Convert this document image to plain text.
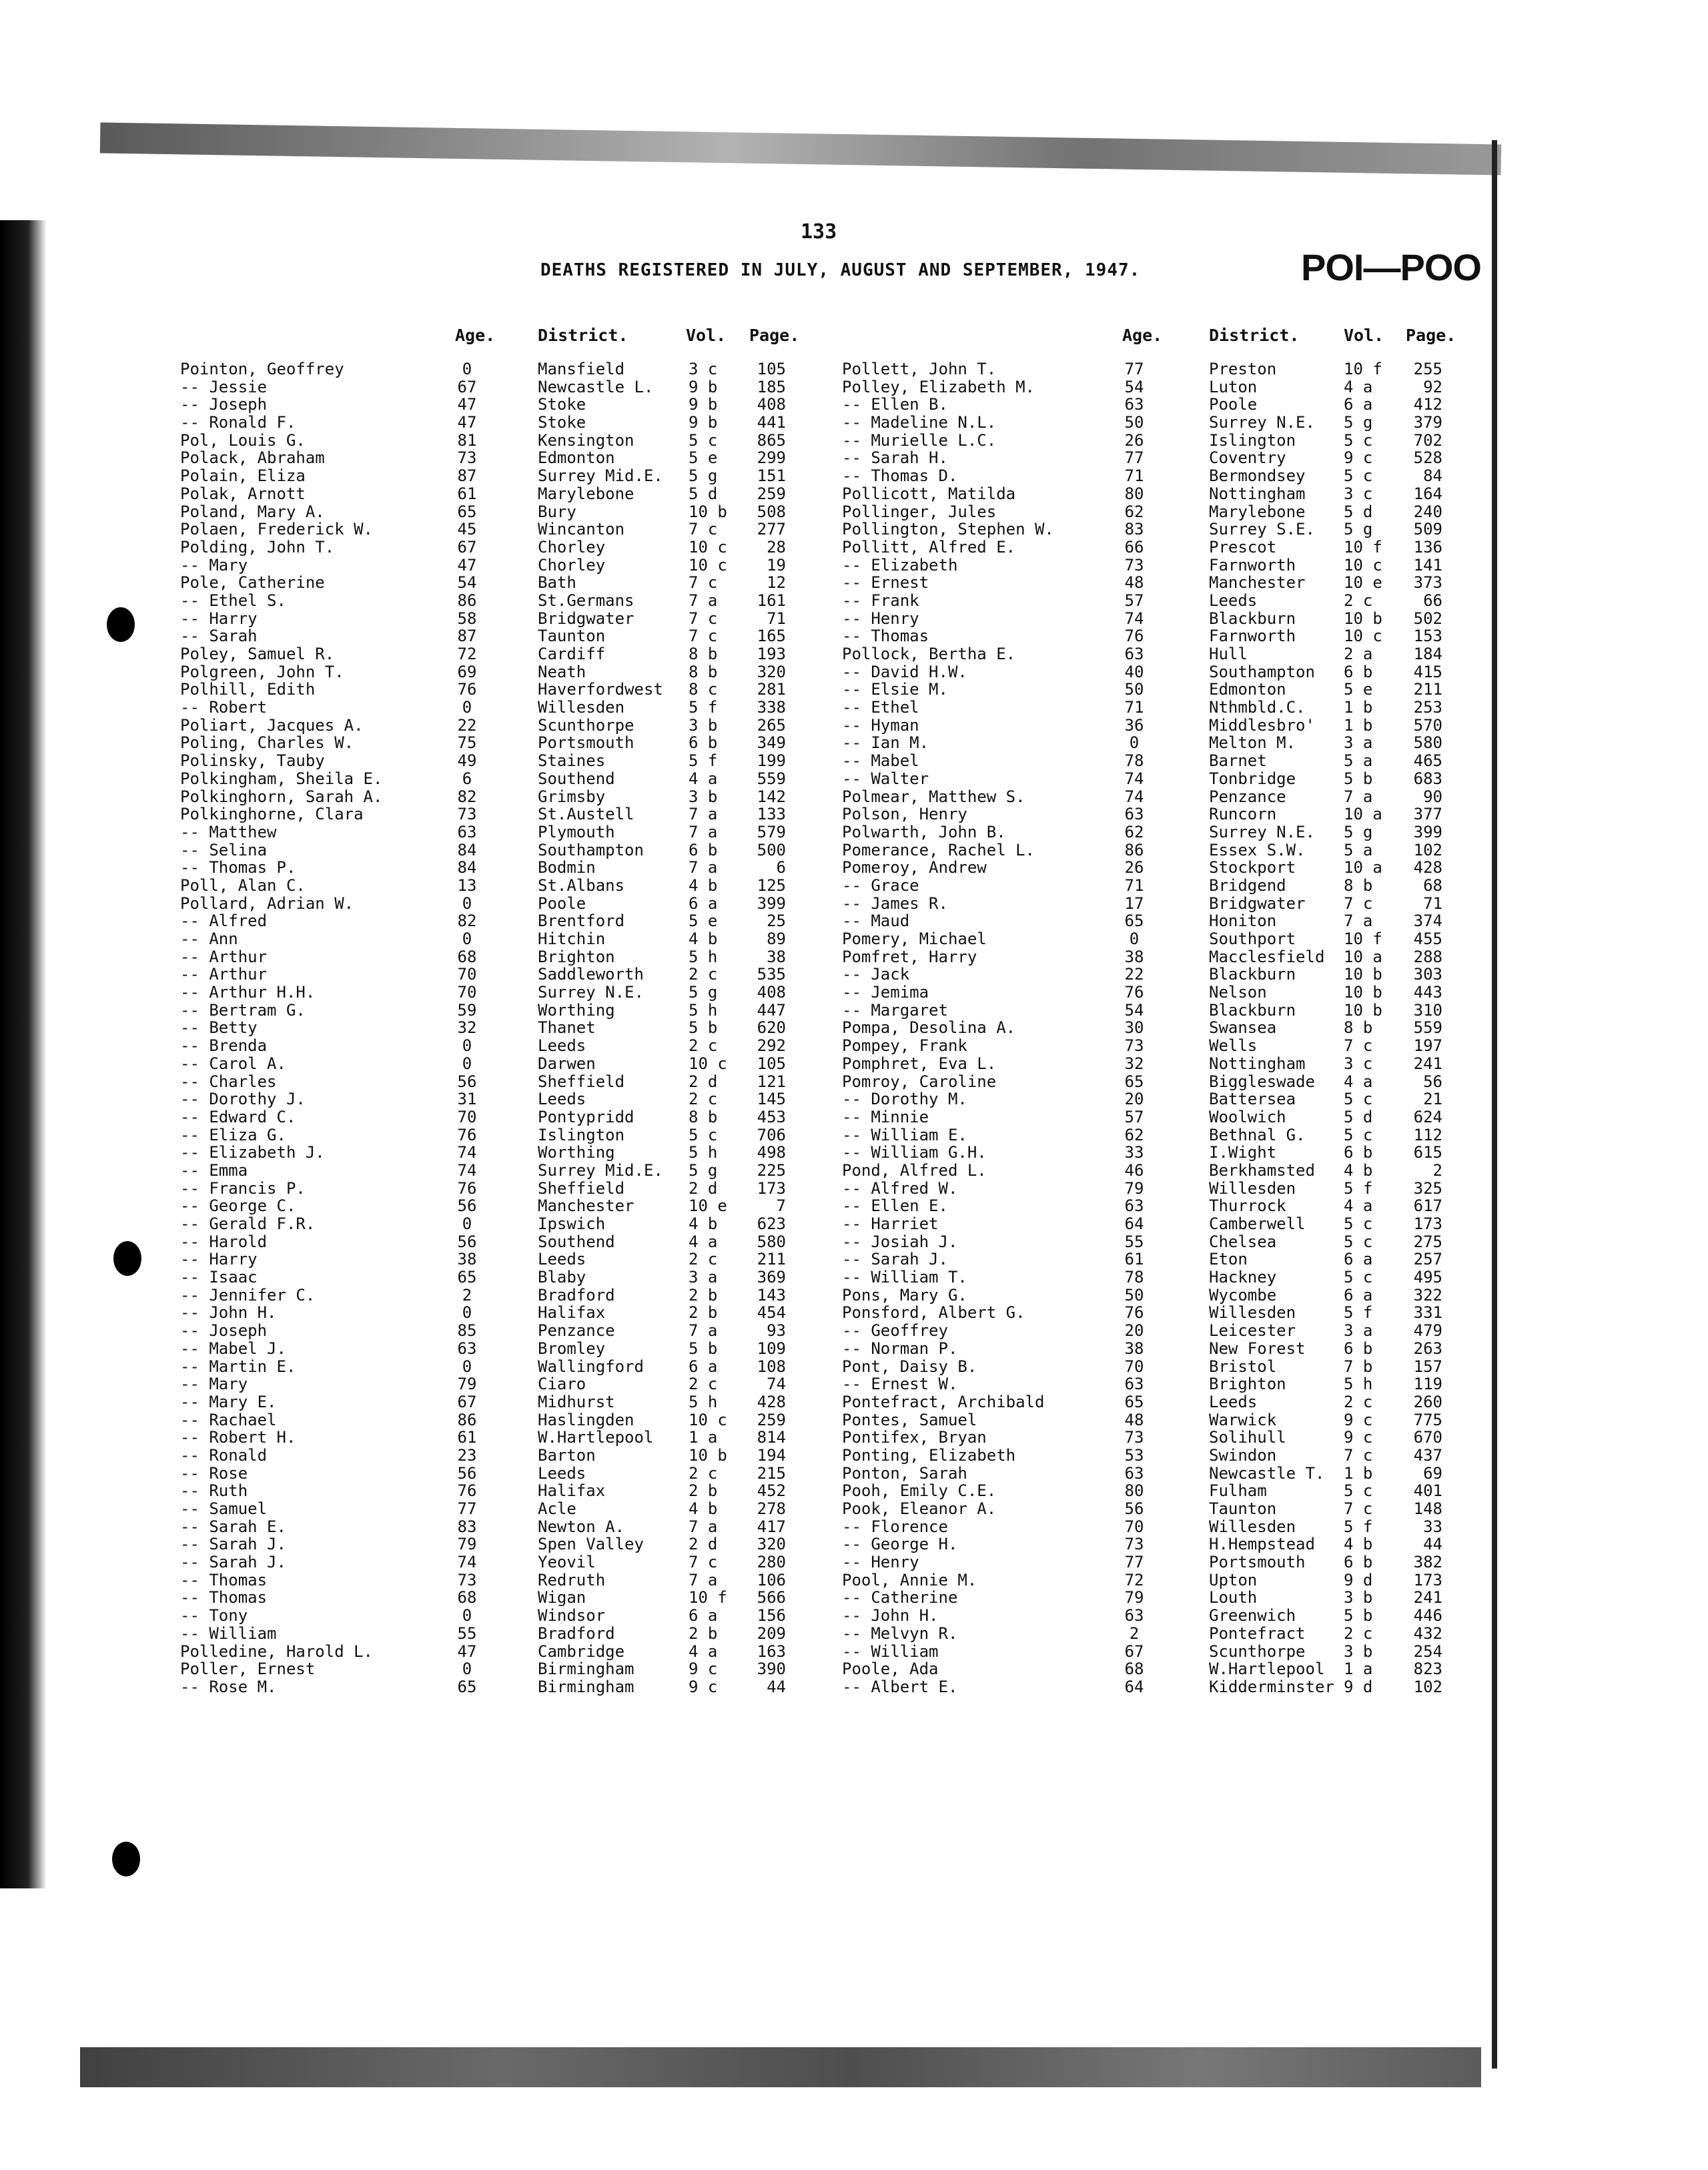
133
DEATHS REGISTERED IN JULY, AUGUST AND SEPTEMBER, 1947.	POI—POO
Age.	District.	Vol. Page.	Age.	District.	Vol. Page.
Pointon, Geoffrey	0	Mansfield	3 c	105
-- Jessie	67	Newcastle L. 9 b	185
-- Joseph	47	Stoke	9 b	408
-- Ronald F.	47	Stoke	9 b	441
Pol, Louis G.	81	Kensington	5 c	865
Polack, Abraham	73	Edmonton	5 e	299
Polain, Eliza	87	Surrey Mid.E. 5 g	151
Polak, Arnott	61	Marylebone	5 d	259
Poland, Mary A.	65	Bury	10 b	508
Polaen, Frederick W.	45	Wincanton	7 c	277
Polding, John T.	67	Chorley	10 c	28
-- Mary	47	Chorley	10 c	19
Pole, Catherine	54	Bath	7 c	12
-- Ethel S.	86	St.Germans	7 a	161
-- Harry	58	Bridgwater	7 c	71
-- Sarah	87	Taunton	7 c	165
Poley, Samuel R.	72	Cardiff	8 b	193
Polgreen, John T.	69	Neath	8 b	320
Polhill, Edith	76	Haverfordwest 8 c	281
-- Robert	0	Willesden	5 f	338
Poliart, Jacques A.	22	Scunthorpe	3 b	265
Poling, Charles W.	75	Portsmouth	6 b	349
Polinsky, Tauby	49	Staines	5 f	199
Polkingham, Sheila E.	6	Southend	4 a	559
Polkinghorn, Sarah A.	82	Grimsby	3 b	142
Polkinghorne, Clara	73	St.Austell	7 a	133
-- Matthew	63	Plymouth	7 a	579
-- Selina	84	Southampton	6 b	500
-- Thomas P.	84	Bodmin	7 a	6
Poll, Alan C.	13	St.Albans	4 b	125
Pollard, Adrian W.	0	Poole	6 a	399
-- Alfred	82	Brentford	5 e	25
-- Ann	0	Hitchin	4 b	89
-- Arthur	68	Brighton	5 h	38
-- Arthur	70	Saddleworth	2 c	535
-- Arthur H.H.	70	Surrey N.E.	5 g	408
-- Bertram G.	59	Worthing	5 h	447
-- Betty	32	Thanet	5 b	620
-- Brenda	0	Leeds	2 c	292
-- Carol A.	0	Darwen	10 c	105
-- Charles	56	Sheffield	2 d	121
-- Dorothy J.	31	Leeds	2 c	145
-- Edward C.	70	Pontypridd	8 b	453
-- Eliza G.	76	Islington	5 c	706
-- Elizabeth J.	74	Worthing	5 h	498
-- Emma	74	Surrey Mid.E. 5 g	225
-- Francis P.	76	Sheffield	2 d	173
-- George C.	56	Manchester	10 e	7
-- Gerald F.R.	0	Ipswich	4 b	623
-- Harold	56	Southend	4 a	580
-- Harry	38	Leeds	2 c	211
-- Isaac	65	Blaby	3 a	369
-- Jennifer C.	2	Bradford	2 b	143
-- John H.	0	Halifax	2 b	454
-- Joseph	85	Penzance	7 a	93
-- Mabel J.	63	Bromley	5 b	109
-- Martin E.	0	Wallingford	6 a	108
-- Mary	79	Ciaro	2 c	74
-- Mary E.	67	Midhurst	5 h	428
-- Rachael	86	Haslingden	10 c	259
-- Robert H.	61	W.Hartlepool 1 a	814
-- Ronald	23	Barton	10 b	194
-- Rose	56	Leeds	2 c	215
-- Ruth	76	Halifax	2 b	452
-- Samuel	77	Acle	4 b	278
-- Sarah E.	83	Newton A.	7 a	417
-- Sarah J.	79	Spen Valley	2 d	320
-- Sarah J.	74	Yeovil	7 c	280
-- Thomas	73	Redruth	7 a	106
-- Thomas	68	Wigan	10 f	566
-- Tony	0	Windsor	6 a	156
-- William	55	Bradford	2 b	209
Polledine, Harold L.	47	Cambridge	4 a	163
Poller, Ernest	0	Birmingham	9 c	390
-- Rose M.	65	Birmingham	9 c	44
Pollett, John T.	77	Preston	10 f	255
Polley, Elizabeth M.	54	Luton	4 a	92
-- Ellen B.	63	Poole	6 a	412
-- Madeline N.L.	50	Surrey N.E. 5 g	379
-- Murielle L.C.	26	Islington	5 c	702
-- Sarah H.	77	Coventry	9 c	528
-- Thomas D.	71	Bermondsey 5 c	84
Pollicott, Matilda	80	Nottingham 3 c	164
Pollinger, Jules	62	Marylebone 5 d	240
Pollington, Stephen W.	83	Surrey S.E. 5 g	509
Pollitt, Alfred E.	66	Prescot	10 f	136
-- Elizabeth	73	Farnworth	10 c	141
-- Ernest	48	Manchester 10 e	373
-- Frank	57	Leeds	2 c	66
-- Henry	74	Blackburn	10 b	502
-- Thomas	76	Farnworth	10 c	153
Pollock, Bertha E.	63	Hull	2 a	184
-- David H.W.	40	Southampton 6 b	415
-- Elsie M.	50	Edmonton	5 e	211
-- Ethel	71	Nthmbld.C. 1 b	253
-- Hyman	36	Middlesbro' 1 b	570
-- Ian M.	0	Melton M.	3 a	580
-- Mabel	78	Barnet	5 a	465
-- Walter	74	Tonbridge	5 b	683
Polmear, Matthew S.	74	Penzance	7 a	90
Polson, Henry	63	Runcorn	10 a	377
Polwarth, John B.	62	Surrey N.E. 5 g	399
Pomerance, Rachel L.	86	Essex S.W. 5 a	102
Pomeroy, Andrew	26	Stockport	10 a	428
-- Grace	71	Bridgend	8 b	68
-- James R.	17	Bridgwater 7 c	71
-- Maud	65	Honiton	7 a	374
Pomery, Michael	0	Southport	10 f	455
Pomfret, Harry	38	Macclesfield 10 a	288
-- Jack	22	Blackburn	10 b	303
-- Jemima	76	Nelson	10 b	443
-- Margaret	54	Blackburn	10 b	310
Pompa, Desolina A.	30	Swansea	8 b	559
Pompey, Frank	73	Wells	7 c	197
Pomphret, Eva L.	32	Nottingham 3 c	241
Pomroy, Caroline	65	Biggleswade 4 a	56
-- Dorothy M.	20	Battersea	5 c	21
-- Minnie	57	Woolwich	5 d	624
-- William E.	62	Bethnal G. 5 c	112
-- William G.H.	33	I.Wight	6 b	615
Pond, Alfred L.	46	Berkhamsted 4 b	2
-- Alfred W.	79	Willesden	5 f	325
-- Ellen E.	63	Thurrock	4 a	617
-- Harriet	64	Camberwell 5 c	173
-- Josiah J.	55	Chelsea	5 c	275
-- Sarah J.	61	Eton	6 a	257
-- William T.	78	Hackney	5 c	495
Pons, Mary G.	50	Wycombe	6 a	322
Ponsford, Albert G.	76	Willesden	5 f	331
-- Geoffrey	20	Leicester	3 a	479
-- Norman P.	38	New Forest 6 b	263
Pont, Daisy B.	70	Bristol	7 b	157
-- Ernest W.	63	Brighton	5 h	119
Pontefract, Archibald	65	Leeds	2 c	260
Pontes, Samuel	48	Warwick	9 c	775
Pontifex, Bryan	73	Solihull	9 c	670
Ponting, Elizabeth	53	Swindon	7 c	437
Ponton, Sarah	63	Newcastle T. 1 b	69
Pooh, Emily C.E.	80	Fulham	5 c	401
Pook, Eleanor A.	56	Taunton	7 c	148
-- Florence	70	Willesden	5 f	33
-- George H.	73	H.Hempstead 4 b	44
-- Henry	77	Portsmouth 6 b	382
Pool, Annie M.	72	Upton	9 d	173
-- Catherine	79	Louth	3 b	241
-- John H.	63	Greenwich	5 b	446
-- Melvyn R.	2	Pontefract 2 c	432
-- William	67	Scunthorpe 3 b	254
Poole, Ada	68	W.Hartlepool 1 a	823
-- Albert E.	64	Kidderminster 9 d	102
